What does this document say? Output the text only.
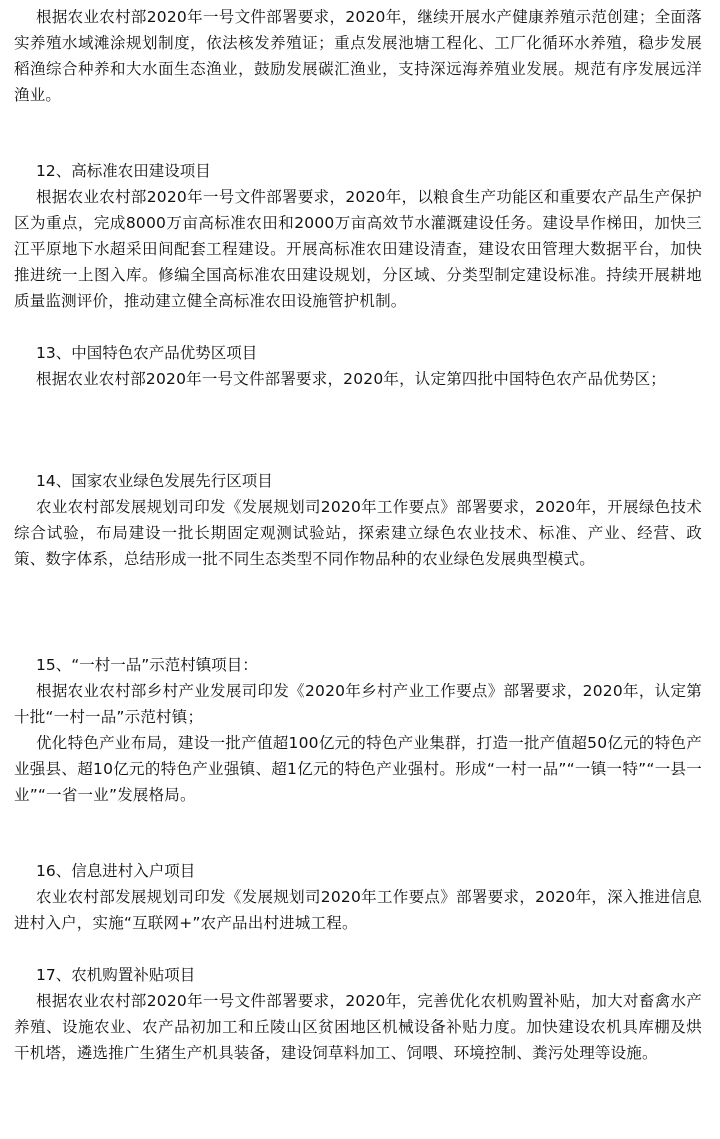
根据农业农村部2020年一号文件部署要求，2020年，继续开展水产健康养殖示范创建；全面落实养殖水域滩涂规划制度，依法核发养殖证；重点发展池塘工程化、工厂化循环水养殖，稳步发展稻渔综合种养和大水面生态渔业，鼓励发展碳汇渔业，支持深远海养殖业发展。规范有序发展远洋渔业。

12、高标准农田建设项目

根据农业农村部2020年一号文件部署要求，2020年，以粮食生产功能区和重要农产品生产保护区为重点，完成8000万亩高标准农田和2000万亩高效节水灌溉建设任务。建设旱作梯田，加快三江平原地下水超采田间配套工程建设。开展高标准农田建设清查，建设农田管理大数据平台，加快推进统一上图入库。修编全国高标准农田建设规划，分区域、分类型制定建设标准。持续开展耕地质量监测评价，推动建立健全高标准农田设施管护机制。

13、中国特色农产品优势区项目

根据农业农村部2020年一号文件部署要求，2020年，认定第四批中国特色农产品优势区；

14、国家农业绿色发展先行区项目

农业农村部发展规划司印发《发展规划司2020年工作要点》部署要求，2020年，开展绿色技术综合试验，布局建设一批长期固定观测试验站，探索建立绿色农业技术、标准、产业、经营、政策、数字体系，总结形成一批不同生态类型不同作物品种的农业绿色发展典型模式。

15、“一村一品”示范村镇项目：

根据农业农村部乡村产业发展司印发《2020年乡村产业工作要点》部署要求，2020年，认定第十批“一村一品”示范村镇；

优化特色产业布局，建设一批产值超100亿元的特色产业集群，打造一批产值超50亿元的特色产业强县、超10亿元的特色产业强镇、超1亿元的特色产业强村。形成“一村一品”“一镇一特”“一县一业”“一省一业”发展格局。

16、信息进村入户项目

农业农村部发展规划司印发《发展规划司2020年工作要点》部署要求，2020年，深入推进信息进村入户，实施“互联网+”农产品出村进城工程。

17、农机购置补贴项目

根据农业农村部2020年一号文件部署要求，2020年，完善优化农机购置补贴，加大对畜禽水产养殖、设施农业、农产品初加工和丘陵山区贫困地区机械设备补贴力度。加快建设农机具库棚及烘干机塔，遴选推广生猪生产机具装备，建设饲草料加工、饲喂、环境控制、粪污处理等设施。
